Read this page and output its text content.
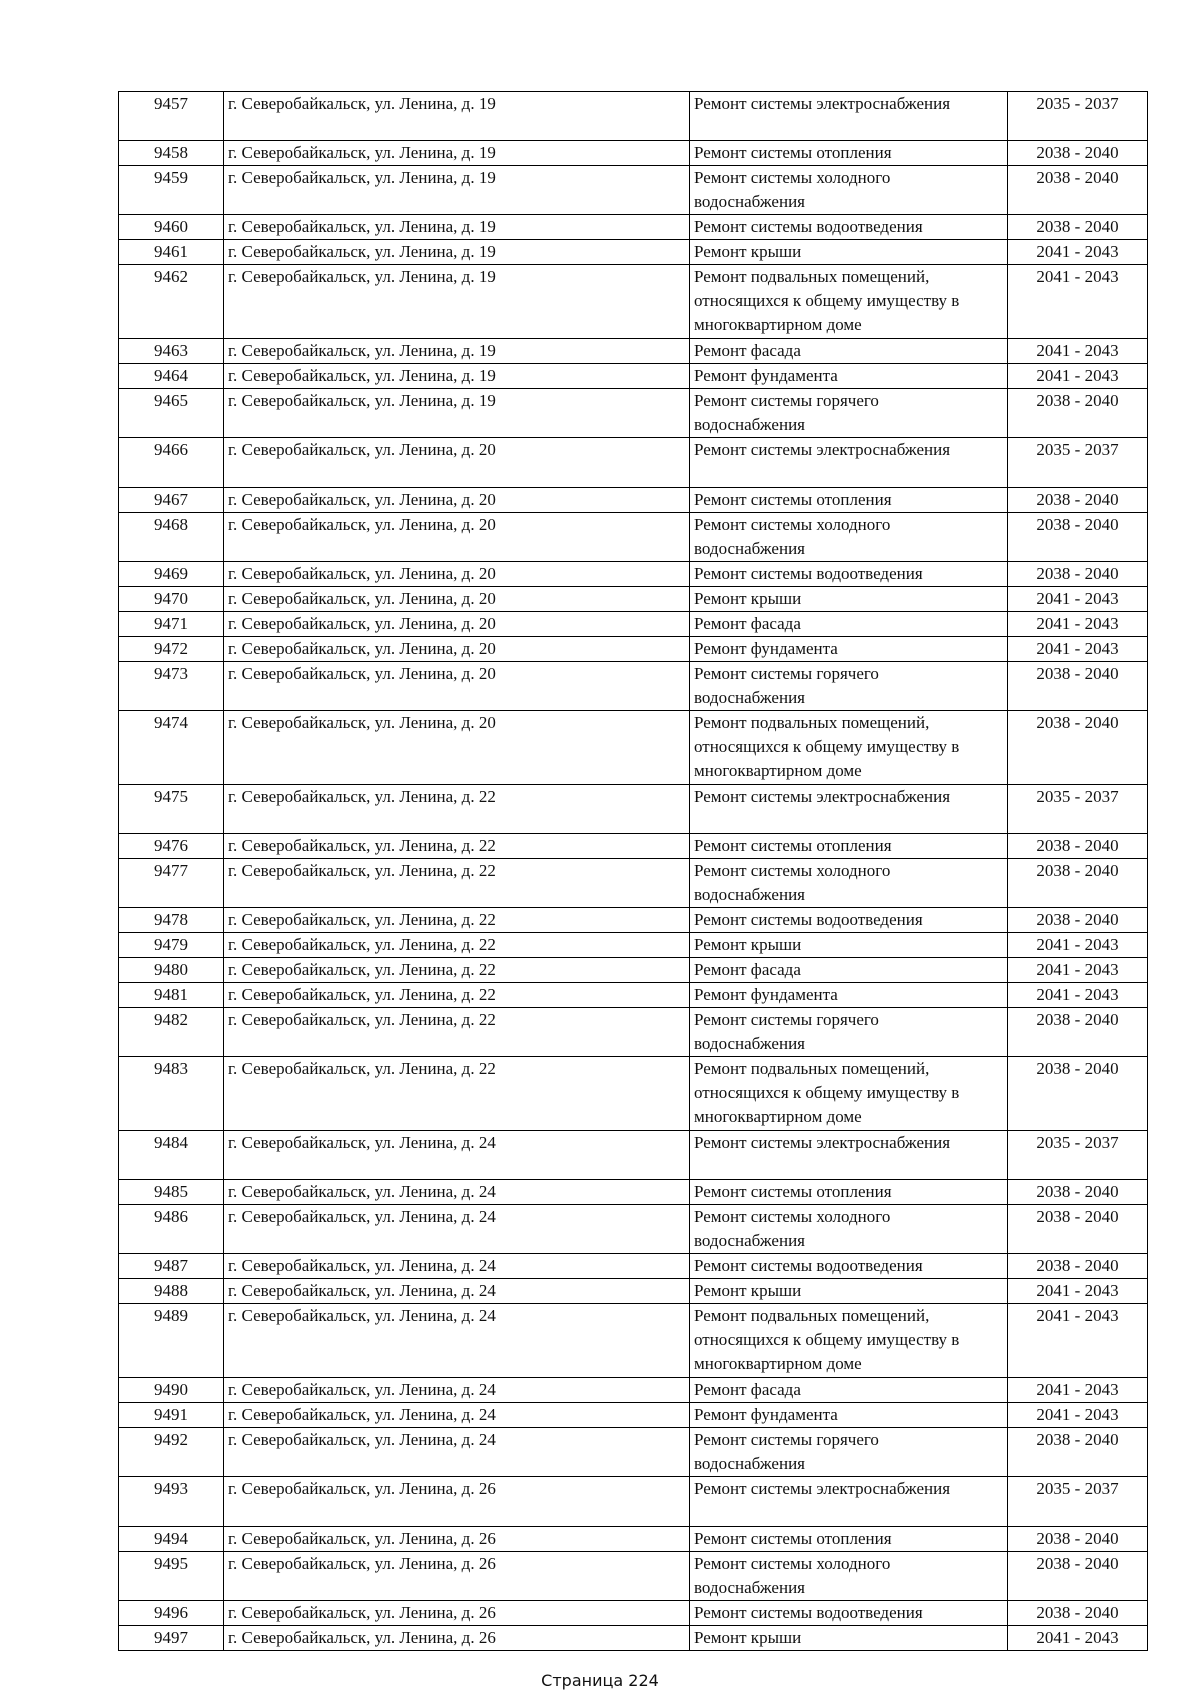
9457	г. Северобайкальск, ул. Ленина, д. 19	Ремонт системы электроснабжения	2035 - 2037
9458	г. Северобайкальск, ул. Ленина, д. 19	Ремонт системы отопления	2038 - 2040
9459	г. Северобайкальск, ул. Ленина, д. 19	Ремонт системы холодного
водоснабжения	2038 - 2040
9460	г. Северобайкальск, ул. Ленина, д. 19	Ремонт системы водоотведения	2038 - 2040
9461	г. Северобайкальск, ул. Ленина, д. 19	Ремонт крыши	2041 - 2043
9462	г. Северобайкальск, ул. Ленина, д. 19	Ремонт подвальных помещений,
относящихся к общему имуществу в
многоквартирном доме	2041 - 2043
9463	г. Северобайкальск, ул. Ленина, д. 19	Ремонт фасада	2041 - 2043
9464	г. Северобайкальск, ул. Ленина, д. 19	Ремонт фундамента	2041 - 2043
9465	г. Северобайкальск, ул. Ленина, д. 19	Ремонт системы горячего
водоснабжения	2038 - 2040
9466	г. Северобайкальск, ул. Ленина, д. 20	Ремонт системы электроснабжения	2035 - 2037
9467	г. Северобайкальск, ул. Ленина, д. 20	Ремонт системы отопления	2038 - 2040
9468	г. Северобайкальск, ул. Ленина, д. 20	Ремонт системы холодного
водоснабжения	2038 - 2040
9469	г. Северобайкальск, ул. Ленина, д. 20	Ремонт системы водоотведения	2038 - 2040
9470	г. Северобайкальск, ул. Ленина, д. 20	Ремонт крыши	2041 - 2043
9471	г. Северобайкальск, ул. Ленина, д. 20	Ремонт фасада	2041 - 2043
9472	г. Северобайкальск, ул. Ленина, д. 20	Ремонт фундамента	2041 - 2043
9473	г. Северобайкальск, ул. Ленина, д. 20	Ремонт системы горячего
водоснабжения	2038 - 2040
9474	г. Северобайкальск, ул. Ленина, д. 20	Ремонт подвальных помещений,
относящихся к общему имуществу в
многоквартирном доме	2038 - 2040
9475	г. Северобайкальск, ул. Ленина, д. 22	Ремонт системы электроснабжения	2035 - 2037
9476	г. Северобайкальск, ул. Ленина, д. 22	Ремонт системы отопления	2038 - 2040
9477	г. Северобайкальск, ул. Ленина, д. 22	Ремонт системы холодного
водоснабжения	2038 - 2040
9478	г. Северобайкальск, ул. Ленина, д. 22	Ремонт системы водоотведения	2038 - 2040
9479	г. Северобайкальск, ул. Ленина, д. 22	Ремонт крыши	2041 - 2043
9480	г. Северобайкальск, ул. Ленина, д. 22	Ремонт фасада	2041 - 2043
9481	г. Северобайкальск, ул. Ленина, д. 22	Ремонт фундамента	2041 - 2043
9482	г. Северобайкальск, ул. Ленина, д. 22	Ремонт системы горячего
водоснабжения	2038 - 2040
9483	г. Северобайкальск, ул. Ленина, д. 22	Ремонт подвальных помещений,
относящихся к общему имуществу в
многоквартирном доме	2038 - 2040
9484	г. Северобайкальск, ул. Ленина, д. 24	Ремонт системы электроснабжения	2035 - 2037
9485	г. Северобайкальск, ул. Ленина, д. 24	Ремонт системы отопления	2038 - 2040
9486	г. Северобайкальск, ул. Ленина, д. 24	Ремонт системы холодного
водоснабжения	2038 - 2040
9487	г. Северобайкальск, ул. Ленина, д. 24	Ремонт системы водоотведения	2038 - 2040
9488	г. Северобайкальск, ул. Ленина, д. 24	Ремонт крыши	2041 - 2043
9489	г. Северобайкальск, ул. Ленина, д. 24	Ремонт подвальных помещений,
относящихся к общему имуществу в
многоквартирном доме	2041 - 2043
9490	г. Северобайкальск, ул. Ленина, д. 24	Ремонт фасада	2041 - 2043
9491	г. Северобайкальск, ул. Ленина, д. 24	Ремонт фундамента	2041 - 2043
9492	г. Северобайкальск, ул. Ленина, д. 24	Ремонт системы горячего
водоснабжения	2038 - 2040
9493	г. Северобайкальск, ул. Ленина, д. 26	Ремонт системы электроснабжения	2035 - 2037
9494	г. Северобайкальск, ул. Ленина, д. 26	Ремонт системы отопления	2038 - 2040
9495	г. Северобайкальск, ул. Ленина, д. 26	Ремонт системы холодного
водоснабжения	2038 - 2040
9496	г. Северобайкальск, ул. Ленина, д. 26	Ремонт системы водоотведения	2038 - 2040
9497	г. Северобайкальск, ул. Ленина, д. 26	Ремонт крыши	2041 - 2043
Страница 224
